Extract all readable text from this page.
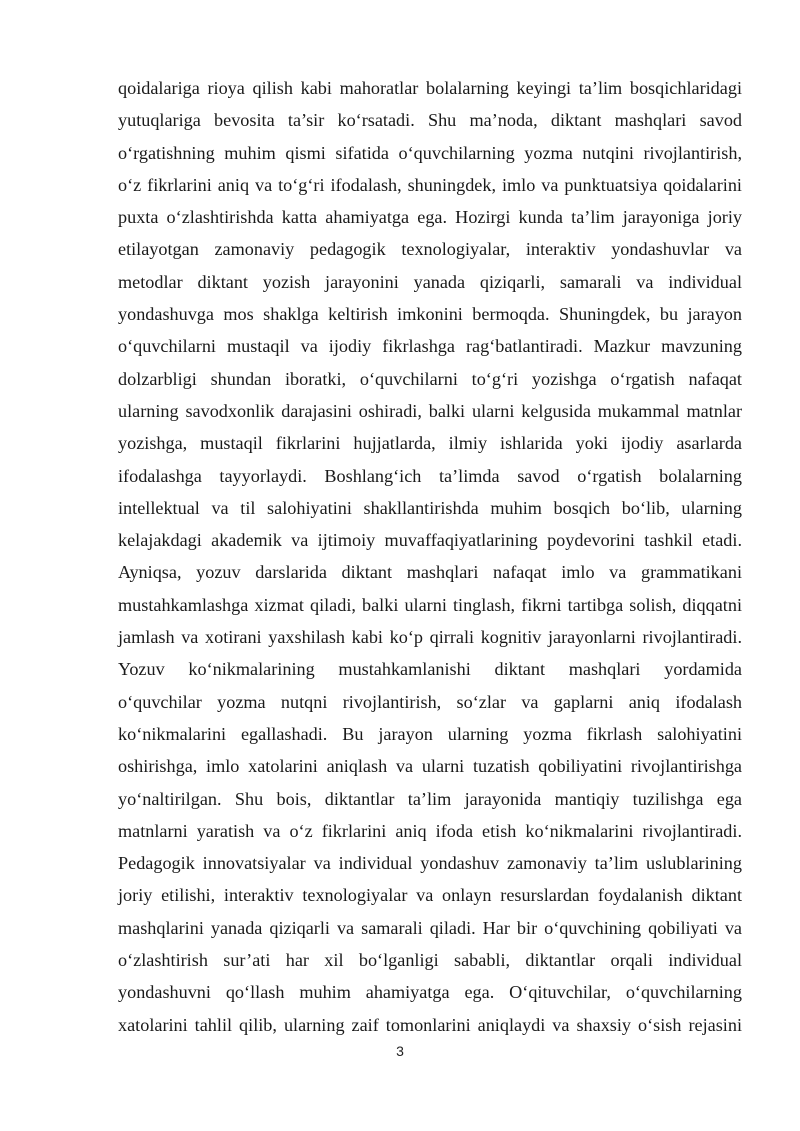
qoidalariga rioya qilish kabi mahoratlar bolalarning keyingi ta’lim bosqichlaridagi
yutuqlariga bevosita ta’sir ko‘rsatadi. Shu ma’noda, diktant mashqlari savod
o‘rgatishning muhim qismi sifatida o‘quvchilarning yozma nutqini rivojlantirish,
o‘z fikrlarini aniq va to‘g‘ri ifodalash, shuningdek, imlo va punktuatsiya qoidalarini
puxta o‘zlashtirishda katta ahamiyatga ega. Hozirgi kunda ta’lim jarayoniga joriy
etilayotgan zamonaviy pedagogik texnologiyalar, interaktiv yondashuvlar va
metodlar diktant yozish jarayonini yanada qiziqarli, samarali va individual
yondashuvga mos shaklga keltirish imkonini bermoqda. Shuningdek, bu jarayon
o‘quvchilarni mustaqil va ijodiy fikrlashga rag‘batlantiradi. Mazkur mavzuning
dolzarbligi shundan iboratki, o‘quvchilarni to‘g‘ri yozishga o‘rgatish nafaqat
ularning savodxonlik darajasini oshiradi, balki ularni kelgusida mukammal matnlar
yozishga, mustaqil fikrlarini hujjatlarda, ilmiy ishlarida yoki ijodiy asarlarda
ifodalashga tayyorlaydi. Boshlang‘ich ta’limda savod o‘rgatish bolalarning
intellektual va til salohiyatini shakllantirishda muhim bosqich bo‘lib, ularning
kelajakdagi akademik va ijtimoiy muvaffaqiyatlarining poydevorini tashkil etadi.
Ayniqsa, yozuv darslarida diktant mashqlari nafaqat imlo va grammatikani
mustahkamlashga xizmat qiladi, balki ularni tinglash, fikrni tartibga solish, diqqatni
jamlash va xotirani yaxshilash kabi ko‘p qirrali kognitiv jarayonlarni rivojlantiradi.
Yozuv ko‘nikmalarining mustahkamlanishi diktant mashqlari yordamida
o‘quvchilar yozma nutqni rivojlantirish, so‘zlar va gaplarni aniq ifodalash
ko‘nikmalarini egallashadi. Bu jarayon ularning yozma fikrlash salohiyatini
oshirishga, imlo xatolarini aniqlash va ularni tuzatish qobiliyatini rivojlantirishga
yo‘naltirilgan. Shu bois, diktantlar ta’lim jarayonida mantiqiy tuzilishga ega
matnlarni yaratish va o‘z fikrlarini aniq ifoda etish ko‘nikmalarini rivojlantiradi.
Pedagogik innovatsiyalar va individual yondashuv zamonaviy ta’lim uslublarining
joriy etilishi, interaktiv texnologiyalar va onlayn resurslardan foydalanish diktant
mashqlarini yanada qiziqarli va samarali qiladi. Har bir o‘quvchining qobiliyati va
o‘zlashtirish sur’ati har xil bo‘lganligi sababli, diktantlar orqali individual
yondashuvni qo‘llash muhim ahamiyatga ega. O‘qituvchilar, o‘quvchilarning
xatolarini tahlil qilib, ularning zaif tomonlarini aniqlaydi va shaxsiy o‘sish rejasini
3
